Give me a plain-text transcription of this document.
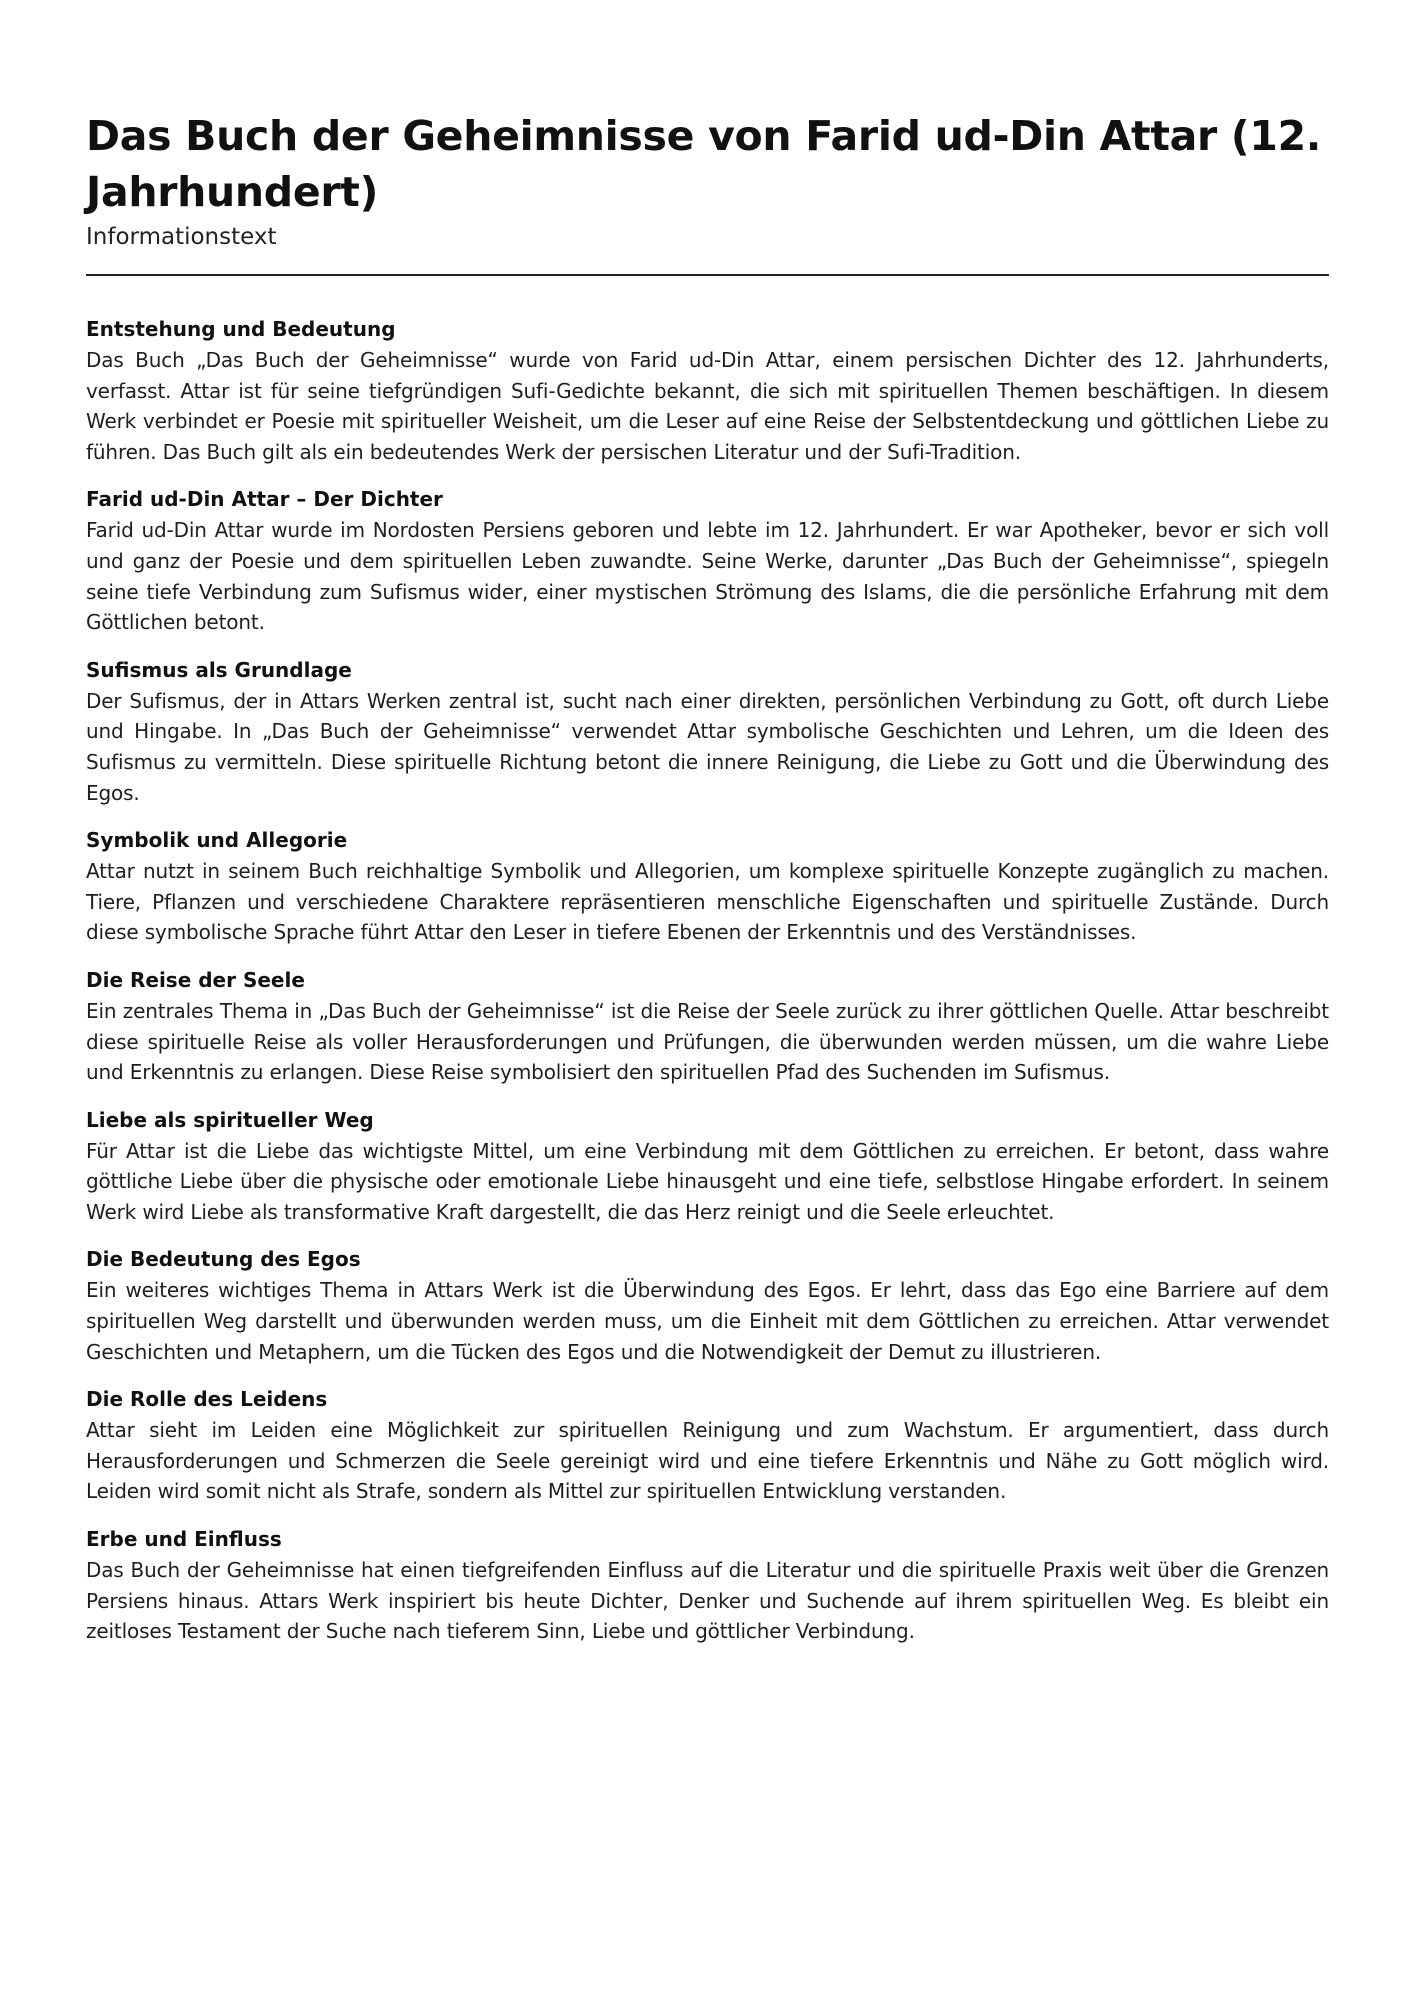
Das Buch der Geheimnisse von Farid ud-Din Attar (12. Jahrhundert)
Informationstext
Entstehung und Bedeutung

Das Buch „Das Buch der Geheimnisse“ wurde von Farid ud-Din Attar, einem persischen Dichter des 12. Jahrhunderts, verfasst. Attar ist für seine tiefgründigen Sufi-Gedichte bekannt, die sich mit spirituellen Themen beschäftigen. In diesem Werk verbindet er Poesie mit spiritueller Weisheit, um die Leser auf eine Reise der Selbstentdeckung und göttlichen Liebe zu führen. Das Buch gilt als ein bedeutendes Werk der persischen Literatur und der Sufi-Tradition.

Farid ud-Din Attar – Der Dichter

Farid ud-Din Attar wurde im Nordosten Persiens geboren und lebte im 12. Jahrhundert. Er war Apotheker, bevor er sich voll und ganz der Poesie und dem spirituellen Leben zuwandte. Seine Werke, darunter „Das Buch der Geheimnisse“, spiegeln seine tiefe Verbindung zum Sufismus wider, einer mystischen Strömung des Islams, die die persönliche Erfahrung mit dem Göttlichen betont.

Sufismus als Grundlage

Der Sufismus, der in Attars Werken zentral ist, sucht nach einer direkten, persönlichen Verbindung zu Gott, oft durch Liebe und Hingabe. In „Das Buch der Geheimnisse“ verwendet Attar symbolische Geschichten und Lehren, um die Ideen des Sufismus zu vermitteln. Diese spirituelle Richtung betont die innere Reinigung, die Liebe zu Gott und die Überwindung des Egos.

Symbolik und Allegorie

Attar nutzt in seinem Buch reichhaltige Symbolik und Allegorien, um komplexe spirituelle Konzepte zugänglich zu machen. Tiere, Pflanzen und verschiedene Charaktere repräsentieren menschliche Eigenschaften und spirituelle Zustände. Durch diese symbolische Sprache führt Attar den Leser in tiefere Ebenen der Erkenntnis und des Verständnisses.

Die Reise der Seele

Ein zentrales Thema in „Das Buch der Geheimnisse“ ist die Reise der Seele zurück zu ihrer göttlichen Quelle. Attar beschreibt diese spirituelle Reise als voller Herausforderungen und Prüfungen, die überwunden werden müssen, um die wahre Liebe und Erkenntnis zu erlangen. Diese Reise symbolisiert den spirituellen Pfad des Suchenden im Sufismus.

Liebe als spiritueller Weg

Für Attar ist die Liebe das wichtigste Mittel, um eine Verbindung mit dem Göttlichen zu erreichen. Er betont, dass wahre göttliche Liebe über die physische oder emotionale Liebe hinausgeht und eine tiefe, selbstlose Hingabe erfordert. In seinem Werk wird Liebe als transformative Kraft dargestellt, die das Herz reinigt und die Seele erleuchtet.

Die Bedeutung des Egos

Ein weiteres wichtiges Thema in Attars Werk ist die Überwindung des Egos. Er lehrt, dass das Ego eine Barriere auf dem spirituellen Weg darstellt und überwunden werden muss, um die Einheit mit dem Göttlichen zu erreichen. Attar verwendet Geschichten und Metaphern, um die Tücken des Egos und die Notwendigkeit der Demut zu illustrieren.

Die Rolle des Leidens

Attar sieht im Leiden eine Möglichkeit zur spirituellen Reinigung und zum Wachstum. Er argumentiert, dass durch Herausforderungen und Schmerzen die Seele gereinigt wird und eine tiefere Erkenntnis und Nähe zu Gott möglich wird. Leiden wird somit nicht als Strafe, sondern als Mittel zur spirituellen Entwicklung verstanden.

Erbe und Einfluss

Das Buch der Geheimnisse hat einen tiefgreifenden Einfluss auf die Literatur und die spirituelle Praxis weit über die Grenzen Persiens hinaus. Attars Werk inspiriert bis heute Dichter, Denker und Suchende auf ihrem spirituellen Weg. Es bleibt ein zeitloses Testament der Suche nach tieferem Sinn, Liebe und göttlicher Verbindung.
